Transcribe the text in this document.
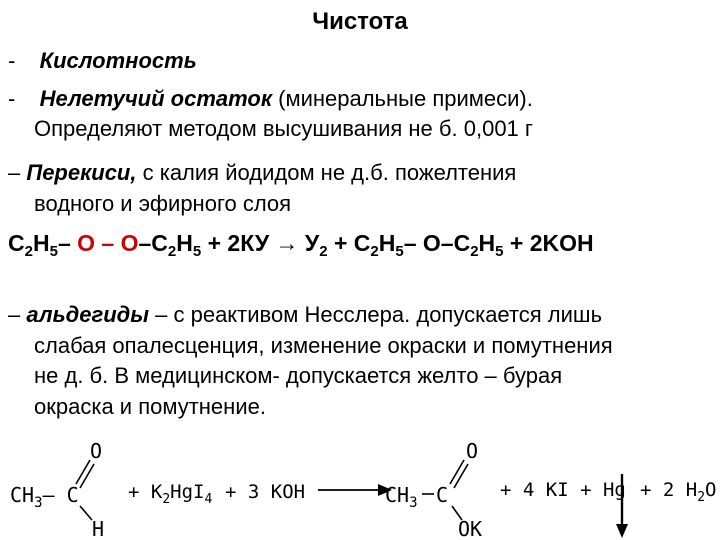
Чистота
- Кислотность
- Нелетучий остаток (минеральные примеси).
Определяют методом высушивания не б. 0,001 г
– Перекиси, с калия йодидом не д.б. пожелтения
водного и эфирного слоя
$C_2H_5-$ $O - O-C_2H_5 + 2КУ \to У_2 + C_2H_5-$ $O-C_2H_5 + 2KOH$
– альдегиды – с реактивом Несслера. допускается лишь
слабая опалесценция, изменение окраски и помутнения
не д. б. В медицинском- допускается желто – бурая
окраска и помутнение.
$CH_3-$ C
O
H
+ $K_2HgI_4 + 3$ KOH	$CH_3$ C
O
OK
+ 4 KI + Hg + 2 $H_2O$
